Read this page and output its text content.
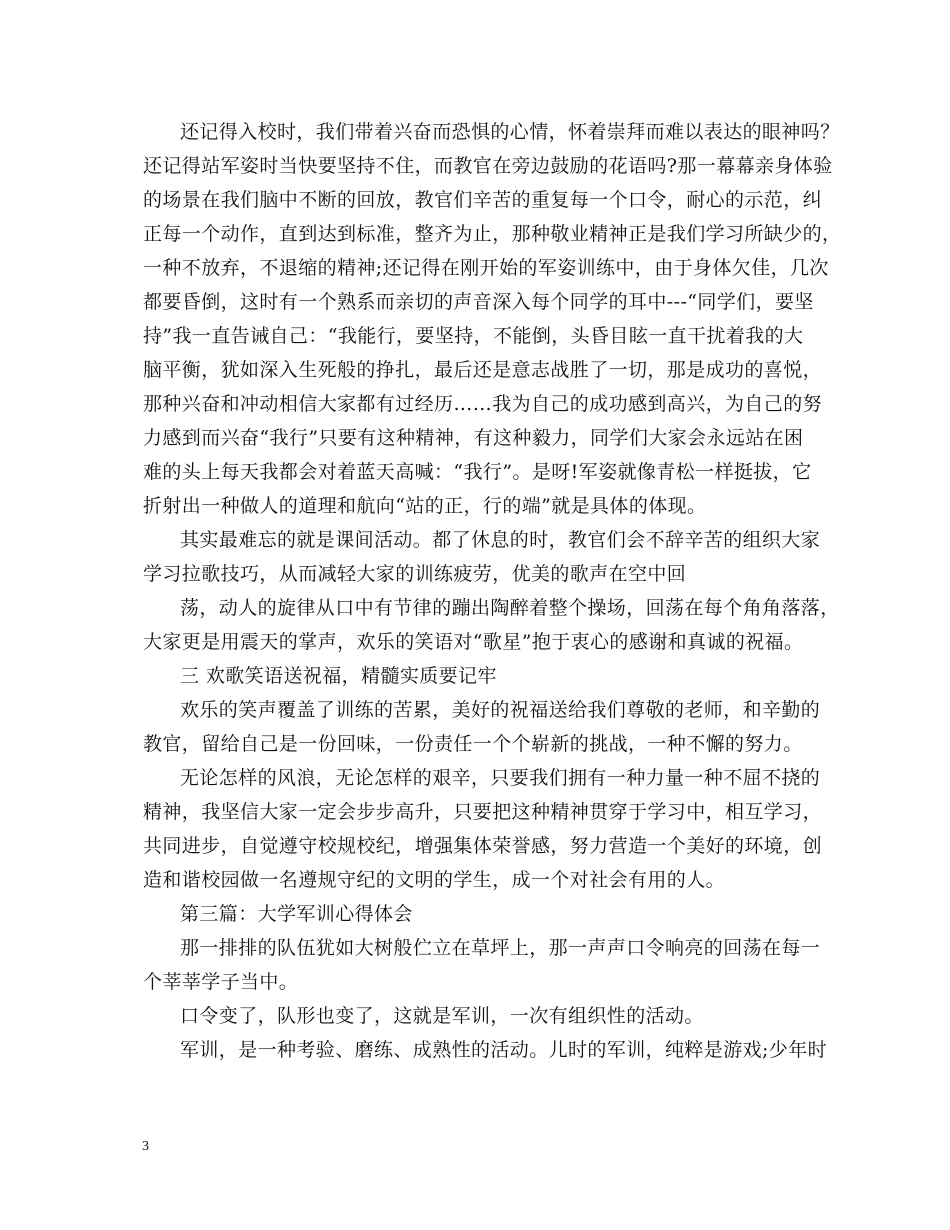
还记得入校时，我们带着兴奋而恐惧的心情，怀着崇拜而难以表达的眼神吗？
还记得站军姿时当快要坚持不住，而教官在旁边鼓励的花语吗?那一幕幕亲身体验
的场景在我们脑中不断的回放，教官们辛苦的重复每一个口令，耐心的示范，纠
正每一个动作，直到达到标准，整齐为止，那种敬业精神正是我们学习所缺少的，
一种不放弃，不退缩的精神;还记得在刚开始的军姿训练中，由于身体欠佳，几次
都要昏倒，这时有一个熟系而亲切的声音深入每个同学的耳中---“同学们，要坚
持”我一直告诫自己：“我能行，要坚持，不能倒，头昏目眩一直干扰着我的大
脑平衡，犹如深入生死般的挣扎，最后还是意志战胜了一切，那是成功的喜悦，
那种兴奋和冲动相信大家都有过经历……我为自己的成功感到高兴，为自己的努
力感到而兴奋“我行”只要有这种精神，有这种毅力，同学们大家会永远站在困
难的头上每天我都会对着蓝天高喊：“我行”。是呀!军姿就像青松一样挺拔，它
折射出一种做人的道理和航向“站的正，行的端”就是具体的体现。
其实最难忘的就是课间活动。都了休息的时，教官们会不辞辛苦的组织大家
学习拉歌技巧，从而减轻大家的训练疲劳，优美的歌声在空中回
荡，动人的旋律从口中有节律的蹦出陶醉着整个操场，回荡在每个角角落落，
大家更是用震天的掌声，欢乐的笑语对“歌星”抱于衷心的感谢和真诚的祝福。
三 欢歌笑语送祝福，精髓实质要记牢
欢乐的笑声覆盖了训练的苦累，美好的祝福送给我们尊敬的老师，和辛勤的
教官，留给自己是一份回味，一份责任一个个崭新的挑战，一种不懈的努力。
无论怎样的风浪，无论怎样的艰辛，只要我们拥有一种力量一种不屈不挠的
精神，我坚信大家一定会步步高升，只要把这种精神贯穿于学习中，相互学习，
共同进步，自觉遵守校规校纪，增强集体荣誉感，努力营造一个美好的环境，创
造和谐校园做一名遵规守纪的文明的学生，成一个对社会有用的人。
第三篇：大学军训心得体会
那一排排的队伍犹如大树般伫立在草坪上，那一声声口令响亮的回荡在每一
个莘莘学子当中。
口令变了，队形也变了，这就是军训，一次有组织性的活动。
军训，是一种考验、磨练、成熟性的活动。儿时的军训，纯粹是游戏;少年时
3
